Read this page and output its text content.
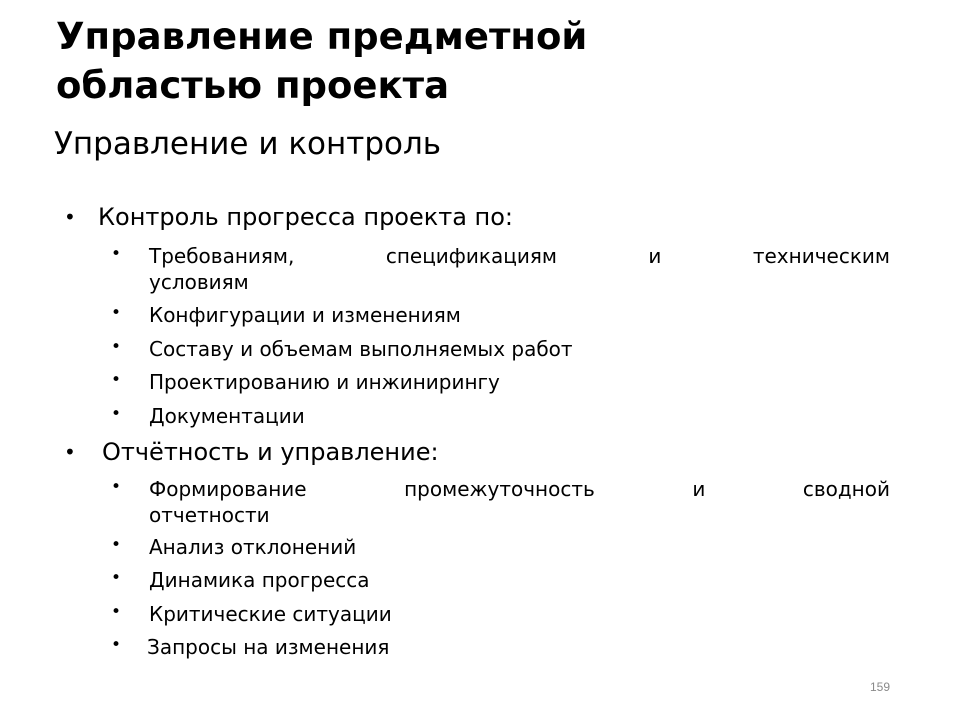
Управление предметной
областью проекта
Управление и контроль
• Контроль прогресса проекта по:
• Требованиям, спецификациям и техническим
условиям
• Конфигурации и изменениям
• Составу и объемам выполняемых работ
• Проектированию и инжинирингу
• Документации
• Отчётность и управление:
• Формирование промежуточность и сводной
отчетности
• Анализ отклонений
• Динамика прогресса
• Критические ситуации
• Запросы на изменения
159
